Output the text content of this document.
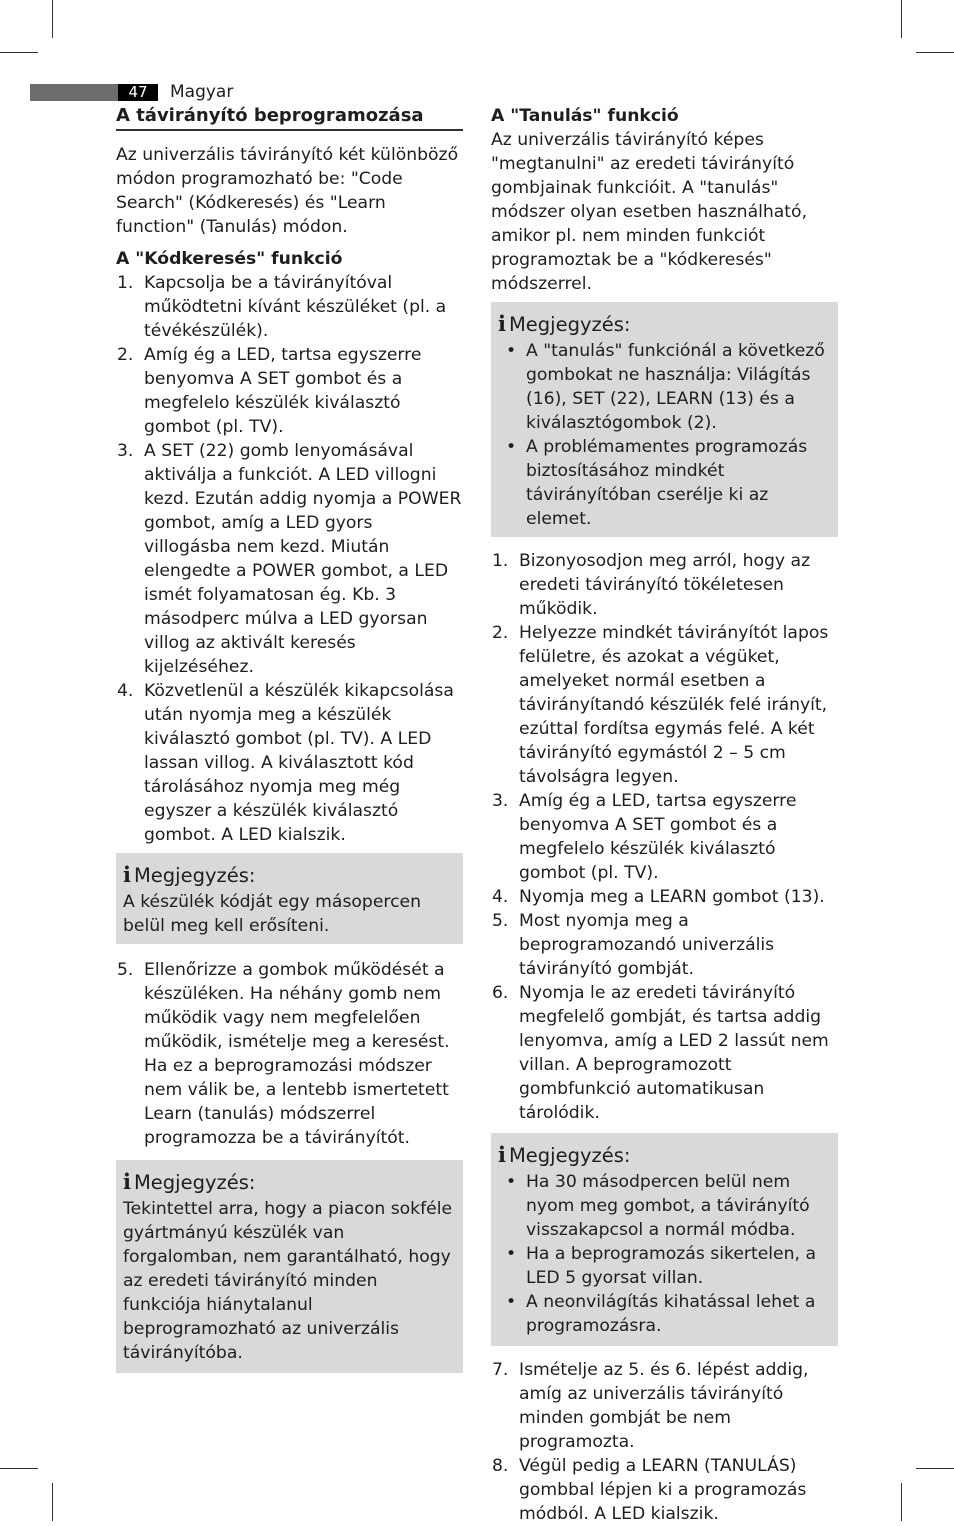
47	Magyar
A távirányító beprogramozása

Az univerzális távirányító két különböző módon programozható be: "Code Search" (Kódkeresés) és "Learn function" (Tanulás) módon.

A "Kódkeresés" funkció

1. Kapcsolja be a távirányítóval működtetni kívánt készüléket (pl. a tévékészülék).
2. Amíg ég a LED, tartsa egyszerre benyomva A SET gombot és a megfelelo készülék kiválasztó gombot (pl. TV).
3. A SET (22) gomb lenyomásával aktiválja a funkciót. A LED villogni kezd. Ezután addig nyomja a POWER gombot, amíg a LED gyors villogásba nem kezd. Miután elengedte a POWER gombot, a LED ismét folyamatosan ég. Kb. 3 másodperc múlva a LED gyorsan villog az aktivált keresés kijelzéséhez.
4. Közvetlenül a készülék kikapcsolása után nyomja meg a készülék kiválasztó gombot (pl. TV). A LED lassan villog. A kiválasztott kód tárolásához nyomja meg még egyszer a készülék kiválasztó gombot. A LED kialszik.
i Megjegyzés:

A készülék kódját egy másopercen belül meg kell erősíteni.

5. Ellenőrizze a gombok működését a készüléken. Ha néhány gomb nem működik vagy nem megfelelően működik, ismételje meg a keresést. Ha ez a beprogramozási módszer nem válik be, a lentebb ismertetett Learn (tanulás) módszerrel programozza be a távirányítót.
i Megjegyzés:

Tekintettel arra, hogy a piacon sokféle gyártmányú készülék van forgalomban, nem garantálható, hogy az eredeti távirányító minden funkciója hiánytalanul beprogramozható az univerzális távirányítóba.

A "Tanulás" funkció

Az univerzális távirányító képes "megtanulni" az eredeti távirányító gombjainak funkcióit. A "tanulás" módszer olyan esetben használható, amikor pl. nem minden funkciót programoztak be a "kódkeresés" módszerrel.

i Megjegyzés:
• A "tanulás" funkciónál a következő gombokat ne használja: Világítás (16), SET (22), LEARN (13) és a kiválasztógombok (2).
• A problémamentes programozás biztosításához mindkét távirányítóban cserélje ki az elemet.
1. Bizonyosodjon meg arról, hogy az eredeti távirányító tökéletesen működik.
2. Helyezze mindkét távirányítót lapos felületre, és azokat a végüket, amelyeket normál esetben a távirányítandó készülék felé irányít, ezúttal fordítsa egymás felé. A két távirányító egymástól 2 – 5 cm távolságra legyen.
3. Amíg ég a LED, tartsa egyszerre benyomva A SET gombot és a megfelelo készülék kiválasztó gombot (pl. TV).
4. Nyomja meg a LEARN gombot (13).
5. Most nyomja meg a beprogramozandó univerzális távirányító gombját.
6. Nyomja le az eredeti távirányító megfelelő gombját, és tartsa addig lenyomva, amíg a LED 2 lassút nem villan. A beprogramozott gombfunkció automatikusan tárolódik.
i Megjegyzés:
• Ha 30 másodpercen belül nem nyom meg gombot, a távirányító visszakapcsol a normál módba.
• Ha a beprogramozás sikertelen, a LED 5 gyorsat villan.
• A neonvilágítás kihatással lehet a programozásra.
7. Ismételje az 5. és 6. lépést addig, amíg az univerzális távirányító minden gombját be nem programozta.
8. Végül pedig a LEARN (TANULÁS) gombbal lépjen ki a programozás módból. A LED kialszik.
